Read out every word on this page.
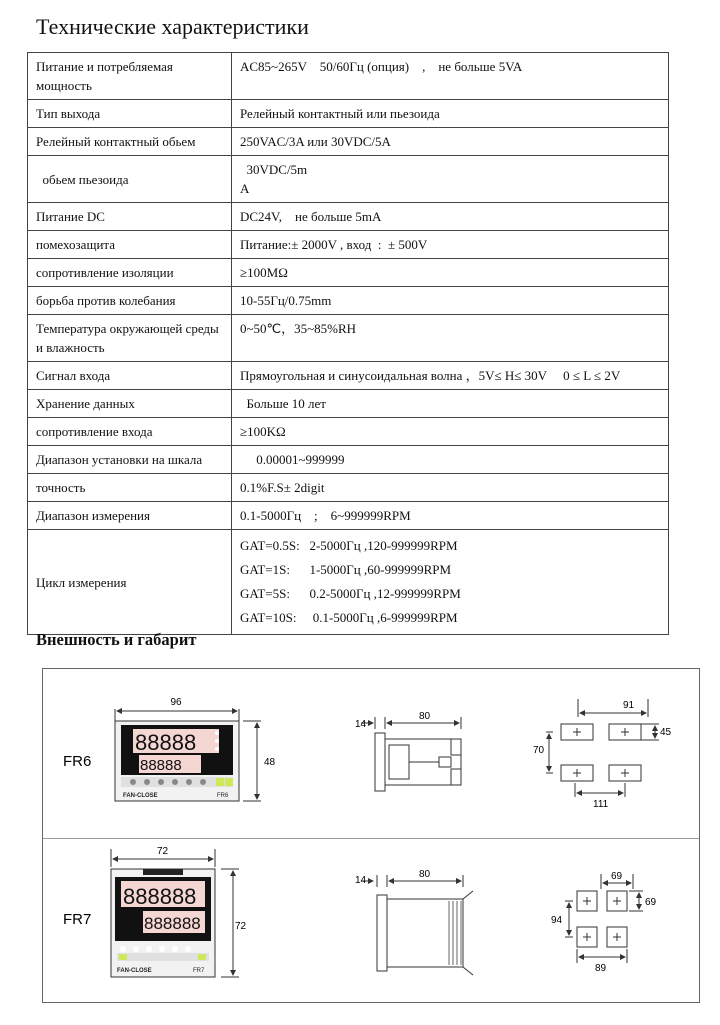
Технические характеристики
Питание и потребляемая мощность	AC85~265V    50/60Гц (опция)    ,    не больше 5VA

Тип выхода	Релейный контактный или пьезоида

Релейный контактный обьем	250VAC/3A или 30VDC/5A

обьем пьезоида	30VDC/5m
A

Питание DC	DC24V,    не больше 5mA

помехозащита	Питание:± 2000V , вход  :  ± 500V

сопротивление изоляции	≥100MΩ

борьба против колебания	10-55Гц/0.75mm

Температура окружающей среды и влажность	0~50℃，35~85%RH

Сигнал входа	Прямоугольная и синусоидальная волна ，5V≤ H≤ 30V     0 ≤ L ≤ 2V

Хранение данных	Больше 10 лет

сопротивление входа	≥100KΩ

Диапазон установки на шкала	0.00001~999999

точность	0.1%F.S± 2digit

Диапазон измерения	0.1-5000Гц    ;    6~999999RPM

Цикл измерения	GAT=0.5S:   2-5000Гц ,120-999999RPM
GAT=1S:      1-5000Гц ,60-999999RPM
GAT=5S:      0.2-5000Гц ,12-999999RPM
GAT=10S:     0.1-5000Гц ,6-999999RPM
Внешность и габарит
FR6
96
48
88888
88888
FAN-CLOSE	FR6
14
80
91
45
70
111
FR7
72
72
888888
888888
FAN-CLOSE	FR7
14
80	69
69
94
89
